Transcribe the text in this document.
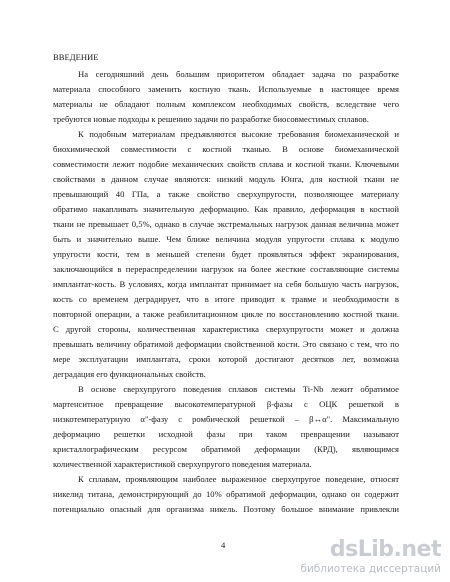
ВВЕДЕНИЕ
На сегодняшний день большим приоритетом обладает задача по разработке
материала способного заменить костную ткань. Используемые в настоящее время
материалы не обладают полным комплексом необходимых свойств, вследствие чего
требуются новые подходы к решению задачи по разработке биосовместимых сплавов.
К подобным материалам предъявляются высокие требования биомеханической и
биохимической совместимости с костной тканью. В основе биомеханической
совместимости лежит подобие механических свойств сплава и костной ткани. Ключевыми
свойствами в данном случае являются: низкий модуль Юнга, для костной ткани не
превышающий 40 ГПа, а также свойство сверхупругости, позволяющее материалу
обратимо накапливать значительную деформацию. Как правило, деформация в костной
ткани не превышает 0,5%, однако в случае экстремальных нагрузок данная величина может
быть и значительно выше. Чем ближе величина модуля упругости сплава к модулю
упругости кости, тем в меньшей степени будет проявляться эффект экранирования,
заключающийся в перераспределении нагрузок на более жесткие составляющие системы
имплантат-кость. В условиях, когда имплантат принимает на себя большую часть нагрузок,
кость со временем деградирует, что в итоге приводит к травме и необходимости в
повторной операции, а также реабилитационном цикле по восстановлению костной ткани.
С другой стороны, количественная характеристика сверхупругости может и должна
превышать величину обратимой деформации свойственной кости. Это связано с тем, что по
мере эксплуатации имплантата, сроки которой достигают десятков лет, возможна
деградация его функциональных свойств.
В основе сверхупругого поведения сплавов системы Ti-Nb лежит обратимое
мартенситное превращение высокотемпературной β-фазы с ОЦК решеткой в
низкотемпературную α"-фазу с ромбической решеткой – β↔α". Максимальную
деформацию решетки исходной фазы при таком превращении называют
кристаллографическим ресурсом обратимой деформации (КРД), являющимся
количественной характеристикой сверхупругого поведения материала.
К сплавам, проявляющим наиболее выраженное сверхупругое поведение, относят
никелид титана, демонстрирующий до 10% обратимой деформации, однако он содержит
потенциально опасный для организма никель. Поэтому большое внимание привлекли
4	dsLib.net
библиотека диссертаций
